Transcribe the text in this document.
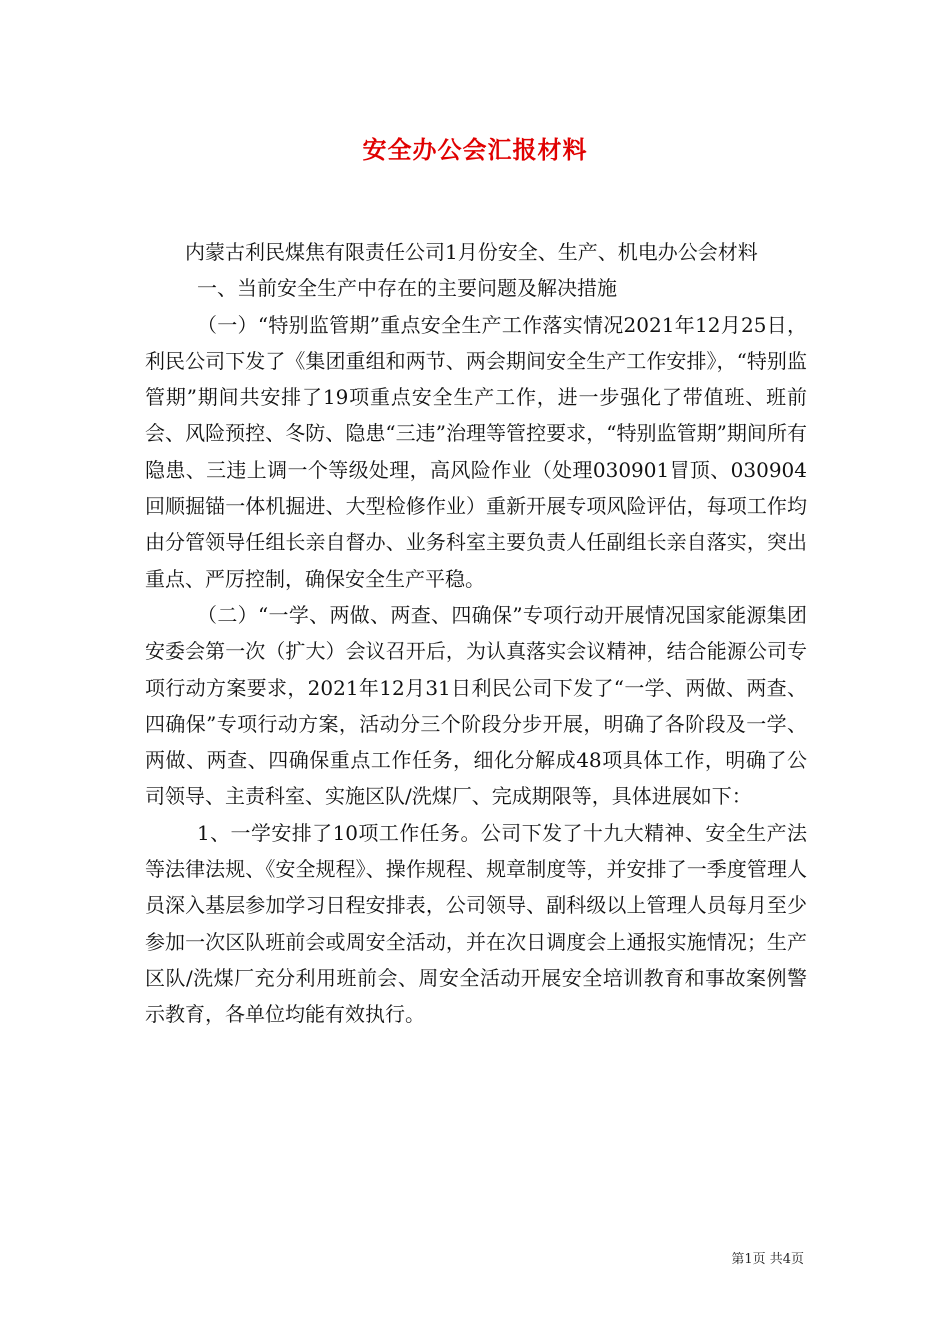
安全办公会汇报材料

内蒙古利民煤焦有限责任公司1月份安全、生产、机电办公会材料

一、当前安全生产中存在的主要问题及解决措施

（一）“特别监管期”重点安全生产工作落实情况2021年12月25日，利民公司下发了《集团重组和两节、两会期间安全生产工作安排》，“特别监管期”期间共安排了19项重点安全生产工作，进一步强化了带值班、班前会、风险预控、冬防、隐患“三违”治理等管控要求，“特别监管期”期间所有隐患、三违上调一个等级处理，高风险作业（处理030901冒顶、030904回顺掘锚一体机掘进、大型检修作业）重新开展专项风险评估，每项工作均由分管领导任组长亲自督办、业务科室主要负责人任副组长亲自落实，突出重点、严厉控制，确保安全生产平稳。

（二）“一学、两做、两查、四确保”专项行动开展情况国家能源集团安委会第一次（扩大）会议召开后，为认真落实会议精神，结合能源公司专项行动方案要求，2021年12月31日利民公司下发了“一学、两做、两查、四确保”专项行动方案，活动分三个阶段分步开展，明确了各阶段及一学、两做、两查、四确保重点工作任务，细化分解成48项具体工作，明确了公司领导、主责科室、实施区队/洗煤厂、完成期限等，具体进展如下：

1、一学安排了10项工作任务。公司下发了十九大精神、安全生产法等法律法规、《安全规程》、操作规程、规章制度等，并安排了一季度管理人员深入基层参加学习日程安排表，公司领导、副科级以上管理人员每月至少参加一次区队班前会或周安全活动，并在次日调度会上通报实施情况；生产区队/洗煤厂充分利用班前会、周安全活动开展安全培训教育和事故案例警示教育，各单位均能有效执行。

第1页 共4页
